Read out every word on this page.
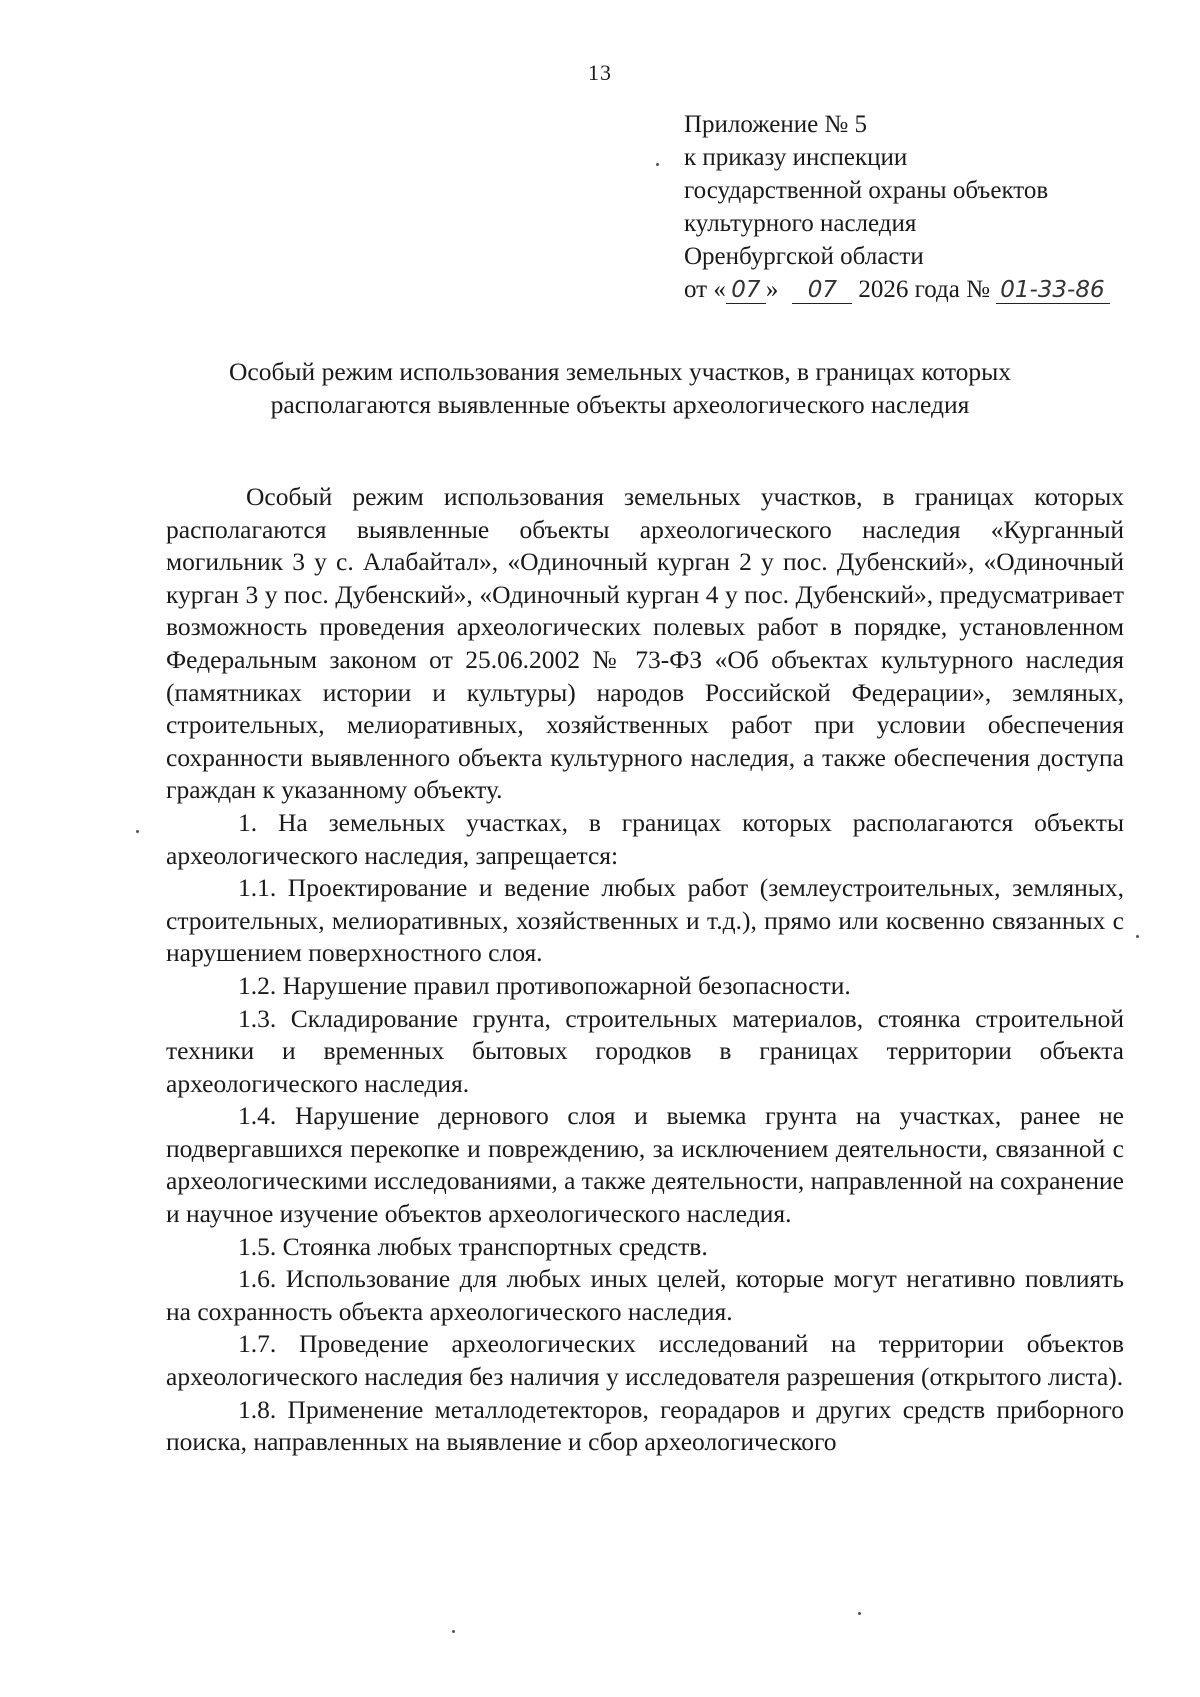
13
Приложение № 5
к приказу инспекции
государственной охраны объектов
культурного наследия
Оренбургской области
от « 07 » 07 2026 года № 01-33-86
Особый режим использования земельных участков, в границах которых
располагаются выявленные объекты археологического наследия

Особый режим использования земельных участков, в границах которых располагаются выявленные объекты археологического наследия «Курганный могильник 3 у с. Алабайтал», «Одиночный курган 2 у пос. Дубенский», «Одиночный курган 3 у пос. Дубенский», «Одиночный курган 4 у пос. Дубенский», предусматривает возможность проведения археологических полевых работ в порядке, установленном Федеральным законом от 25.06.2002 № 73-ФЗ «Об объектах культурного наследия (памятниках истории и культуры) народов Российской Федерации», земляных, строительных, мелиоративных, хозяйственных работ при условии обеспечения сохранности выявленного объекта культурного наследия, а также обеспечения доступа граждан к указанному объекту.

1. На земельных участках, в границах которых располагаются объекты археологического наследия, запрещается:

1.1. Проектирование и ведение любых работ (землеустроительных, земляных, строительных, мелиоративных, хозяйственных и т.д.), прямо или косвенно связанных с нарушением поверхностного слоя.

1.2. Нарушение правил противопожарной безопасности.

1.3. Складирование грунта, строительных материалов, стоянка строительной техники и временных бытовых городков в границах территории объекта археологического наследия.

1.4. Нарушение дернового слоя и выемка грунта на участках, ранее не подвергавшихся перекопке и повреждению, за исключением деятельности, связанной с археологическими исследованиями, а также деятельности, направленной на сохранение и научное изучение объектов археологического наследия.

1.5. Стоянка любых транспортных средств.

1.6. Использование для любых иных целей, которые могут негативно повлиять на сохранность объекта археологического наследия.

1.7. Проведение археологических исследований на территории объектов археологического наследия без наличия у исследователя разрешения (открытого листа).

1.8. Применение металлодетекторов, георадаров и других средств приборного поиска, направленных на выявление и сбор археологического
